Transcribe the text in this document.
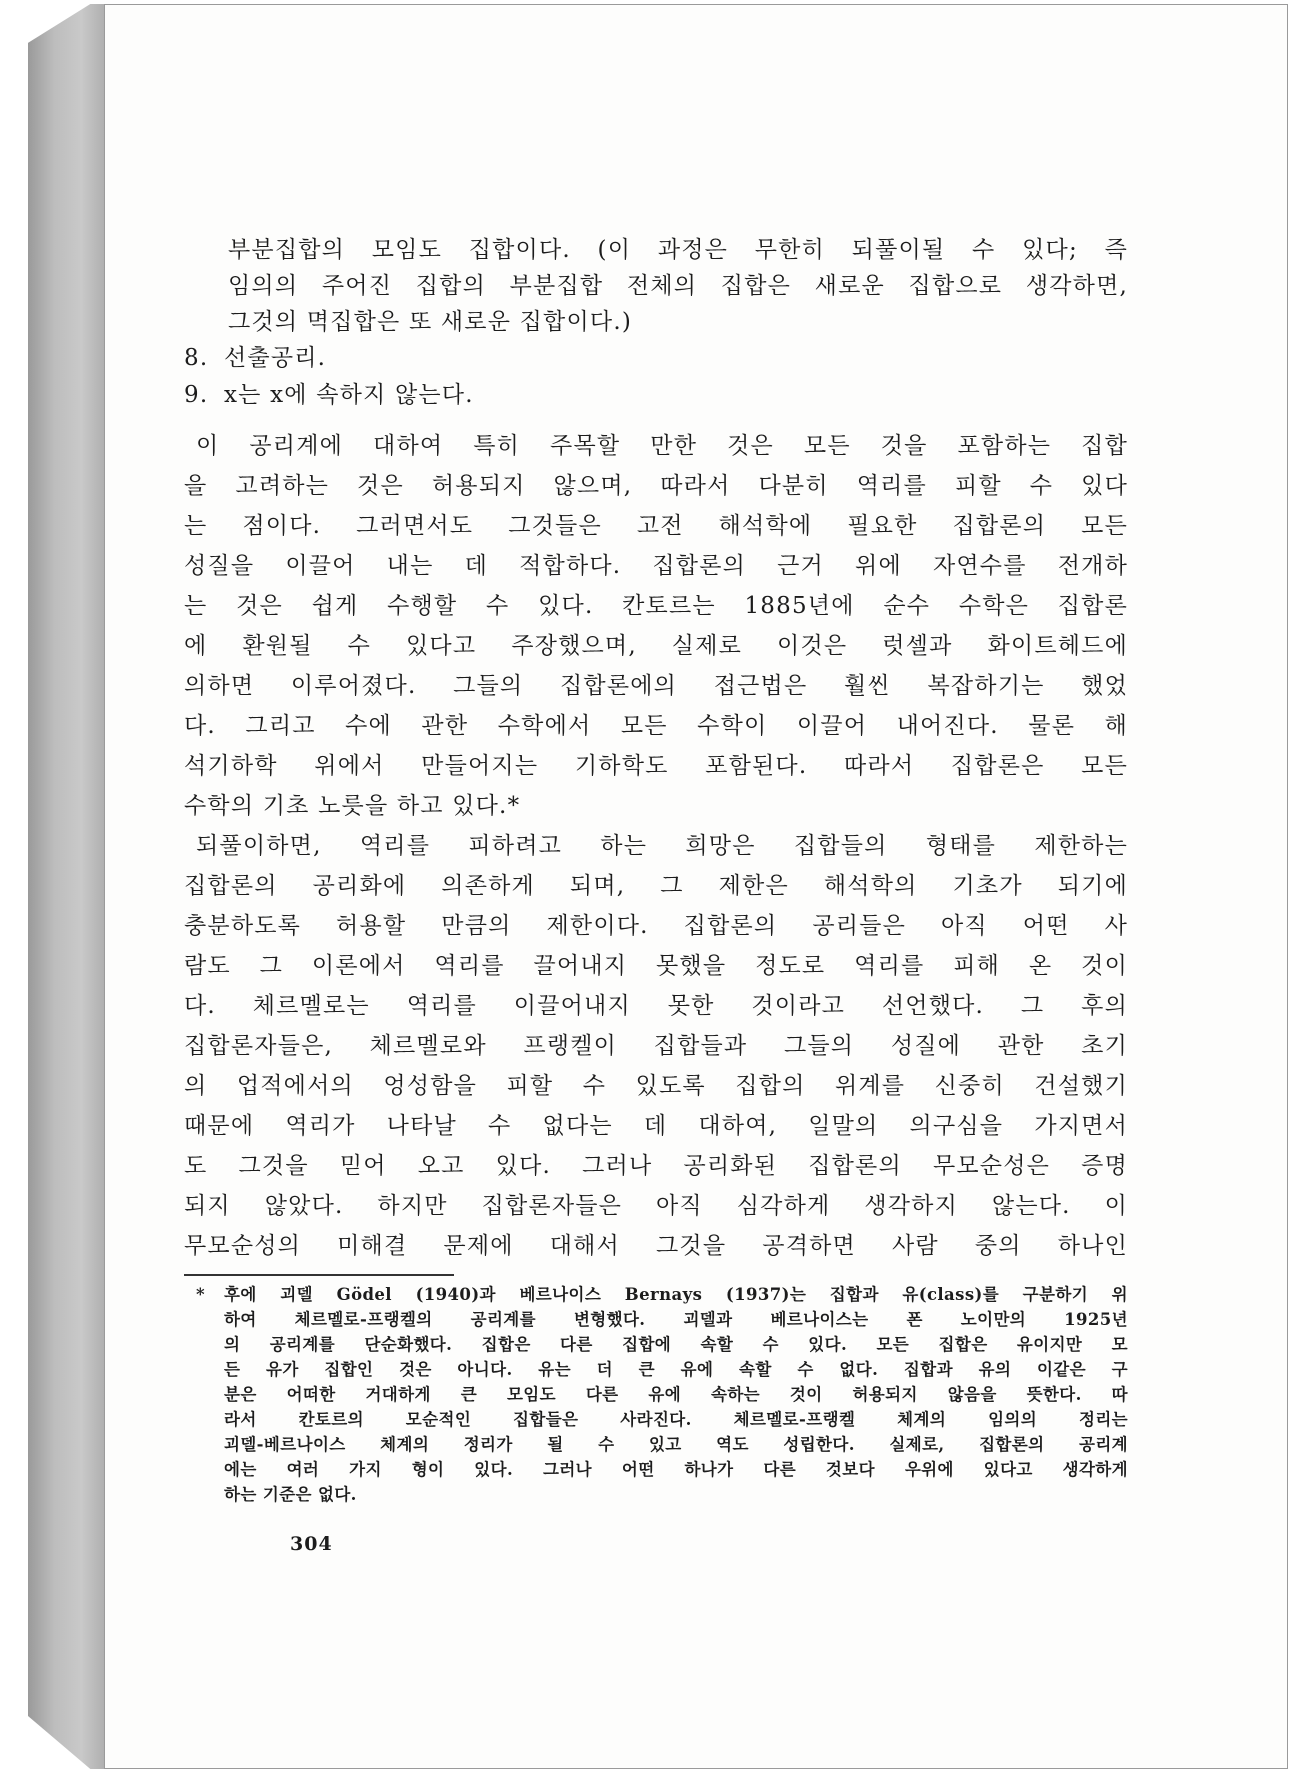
부분집합의 모임도 집합이다. (이 과정은 무한히 되풀이될 수 있다; 즉
임의의 주어진 집합의 부분집합 전체의 집합은 새로운 집합으로 생각하면,
그것의 멱집합은 또 새로운 집합이다.)
8. 선출공리.
9. x는 x에 속하지 않는다.
이 공리계에 대하여 특히 주목할 만한 것은 모든 것을 포함하는 집합
을 고려하는 것은 허용되지 않으며, 따라서 다분히 역리를 피할 수 있다
는 점이다. 그러면서도 그것들은 고전 해석학에 필요한 집합론의 모든
성질을 이끌어 내는 데 적합하다. 집합론의 근거 위에 자연수를 전개하
는 것은 쉽게 수행할 수 있다. 칸토르는 1885년에 순수 수학은 집합론
에 환원될 수 있다고 주장했으며, 실제로 이것은 럿셀과 화이트헤드에
의하면 이루어졌다. 그들의 집합론에의 접근법은 훨씬 복잡하기는 했었
다. 그리고 수에 관한 수학에서 모든 수학이 이끌어 내어진다. 물론 해
석기하학 위에서 만들어지는 기하학도 포함된다. 따라서 집합론은 모든
수학의 기초 노릇을 하고 있다.*
되풀이하면, 역리를 피하려고 하는 희망은 집합들의 형태를 제한하는
집합론의 공리화에 의존하게 되며, 그 제한은 해석학의 기초가 되기에
충분하도록 허용할 만큼의 제한이다. 집합론의 공리들은 아직 어떤 사
람도 그 이론에서 역리를 끌어내지 못했을 정도로 역리를 피해 온 것이
다. 체르멜로는 역리를 이끌어내지 못한 것이라고 선언했다. 그 후의
집합론자들은, 체르멜로와 프랭켈이 집합들과 그들의 성질에 관한 초기
의 업적에서의 엉성함을 피할 수 있도록 집합의 위계를 신중히 건설했기
때문에 역리가 나타날 수 없다는 데 대하여, 일말의 의구심을 가지면서
도 그것을 믿어 오고 있다. 그러나 공리화된 집합론의 무모순성은 증명
되지 않았다. 하지만 집합론자들은 아직 심각하게 생각하지 않는다. 이
무모순성의 미해결 문제에 대해서 그것을 공격하면 사람 중의 하나인
* 후에 괴델 Gödel (1940)과 베르나이스 Bernays (1937)는 집합과 유(class)를 구분하기 위
하여 체르멜로-프랭켈의 공리계를 변형했다. 괴델과 베르나이스는 폰 노이만의 1925년
의 공리계를 단순화했다. 집합은 다른 집합에 속할 수 있다. 모든 집합은 유이지만 모
든 유가 집합인 것은 아니다. 유는 더 큰 유에 속할 수 없다. 집합과 유의 이같은 구
분은 어떠한 거대하게 큰 모임도 다른 유에 속하는 것이 허용되지 않음을 뜻한다. 따
라서 칸토르의 모순적인 집합들은 사라진다. 체르멜로-프랭켈 체계의 임의의 정리는
괴델-베르나이스 체계의 정리가 될 수 있고 역도 성립한다. 실제로, 집합론의 공리계
에는 여러 가지 형이 있다. 그러나 어떤 하나가 다른 것보다 우위에 있다고 생각하게
하는 기준은 없다.
304
